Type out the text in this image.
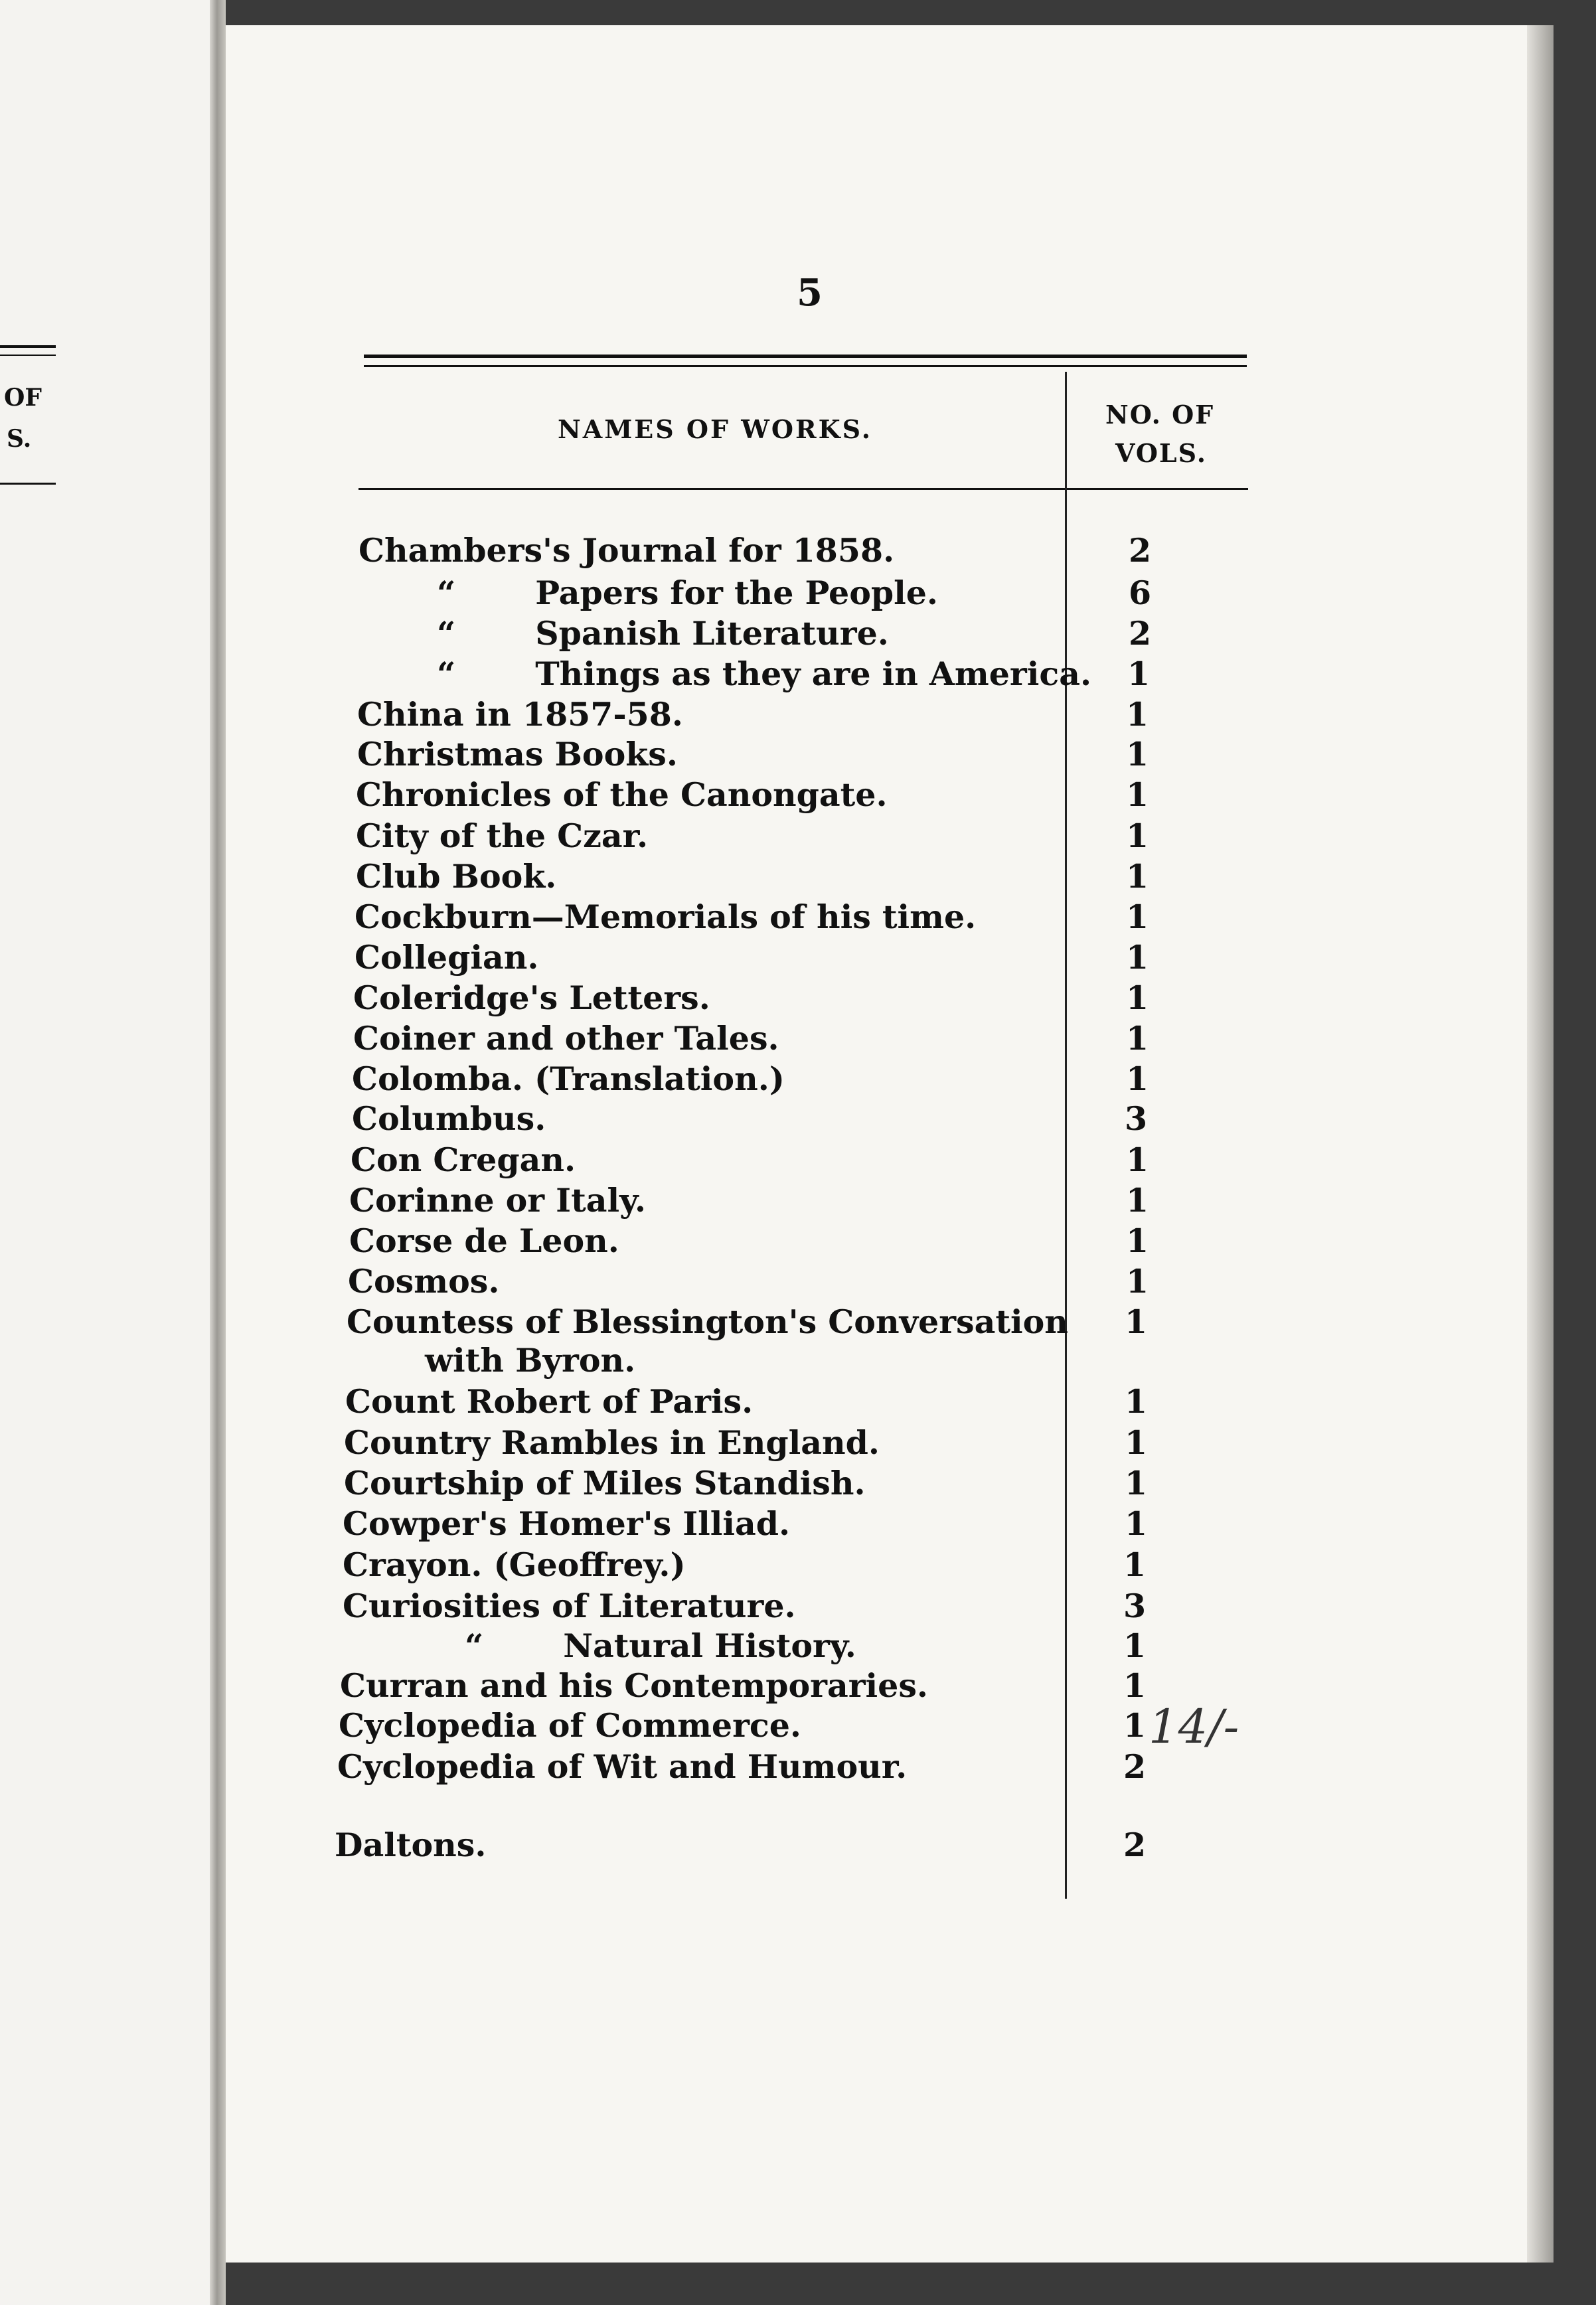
OF
S.
5
NAMES OF WORKS.	NO. OF
VOLS.
Chambers's Journal for 1858.	2
“ Papers for the People.	6
“ Spanish Literature.	2
“ Things as they are in America. 1
China in 1857-58.	1
Christmas Books.	1
Chronicles of the Canongate.	1
City of the Czar.	1
Club Book.	1
Cockburn—Memorials of his time.	1
Collegian.	1
Coleridge's Letters.	1
Coiner and other Tales.	1
Colomba. (Translation.)	1
Columbus.	3
Con Cregan.	1
Corinne or Italy.	1
Corse de Leon.	1
Cosmos.	1
Countess of Blessington's Conversation 1
with Byron.
Count Robert of Paris.	1
Country Rambles in England.	1
Courtship of Miles Standish.	1
Cowper's Homer's Illiad.	1
Crayon. (Geoffrey.)	1
Curiosities of Literature.	3
“ Natural History.	1
Curran and his Contemporaries.	1
Cyclopedia of Commerce.	1
Cyclopedia of Wit and Humour.	2
Daltons.	2
14/-
